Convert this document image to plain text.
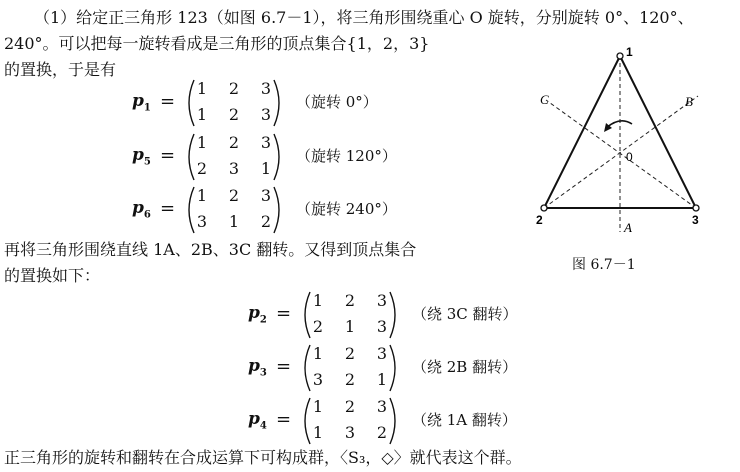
（1）给定正三角形 123（如图 6.7－1），将三角形围绕重心 O 旋转，分别旋转 0°、120°、
240°。可以把每一旋转看成是三角形的顶点集合{1，2，3}
的置换，于是有
$p_1$ =
1 2 3
1 2 3
（旋转 0°）
$p_5$ =
1 2 3
2 3 1
（旋转 120°）
$p_6$ =
1 2 3
3 1 2
（旋转 240°）
再将三角形围绕直线 1A、2B、3C 翻转。又得到顶点集合
的置换如下：
$p_2$ =
1 2 3
2 1 3
（绕 3C 翻转）
$p_3$ =
1 2 3
3 2 1
（绕 2B 翻转）
$p_4$ =
1 2 3
1 3 2
（绕 1A 翻转）
正三角形的旋转和翻转在合成运算下可构成群，〈S₃，◇〉就代表这个群。
1
2	3
C	B
A
0
图 6.7－1
